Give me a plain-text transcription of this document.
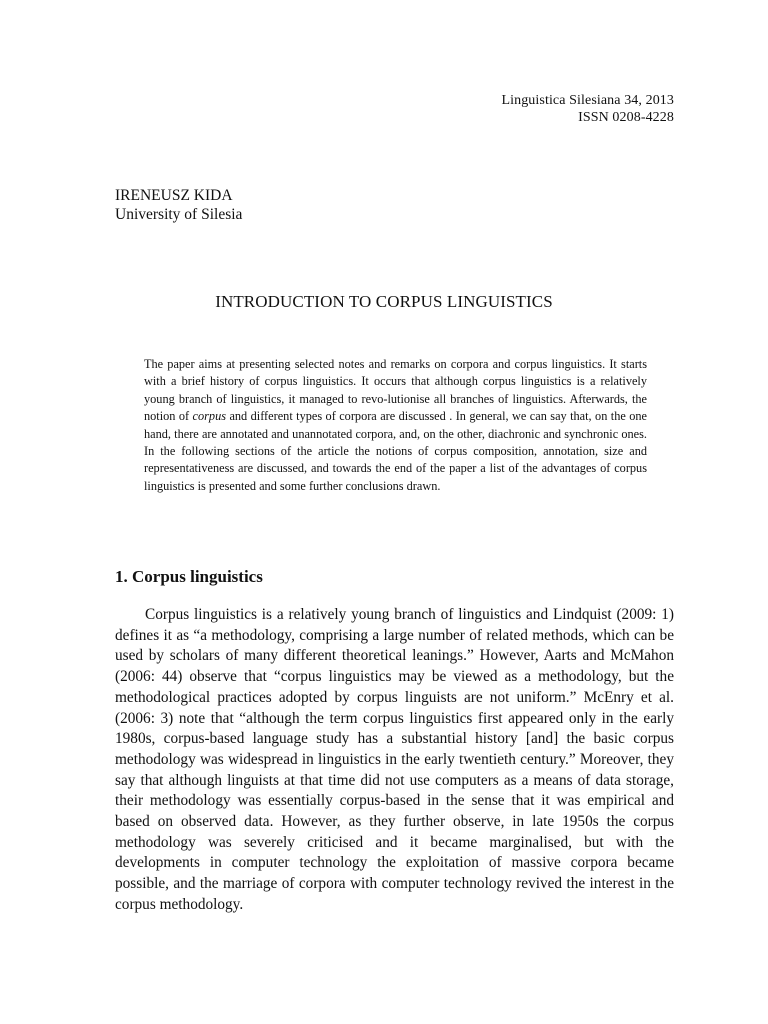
Linguistica Silesiana 34, 2013
ISSN 0208-4228
IRENEUSZ KIDA
University of Silesia
INTRODUCTION TO CORPUS LINGUISTICS

The paper aims at presenting selected notes and remarks on corpora and corpus linguistics. It starts with a brief history of corpus linguistics. It occurs that although corpus linguistics is a relatively young branch of linguistics, it managed to revo-lutionise all branches of linguistics. Afterwards, the notion of corpus and different types of corpora are discussed . In general, we can say that, on the one hand, there are annotated and unannotated corpora, and, on the other, diachronic and synchronic ones. In the following sections of the article the notions of corpus composition, annotation, size and representativeness are discussed, and towards the end of the paper a list of the advantages of corpus linguistics is presented and some further conclusions drawn.

1. Corpus linguistics

Corpus linguistics is a relatively young branch of linguistics and Lindquist (2009: 1) defines it as “a methodology, comprising a large number of related methods, which can be used by scholars of many different theoretical leanings.” However, Aarts and McMahon (2006: 44) observe that “corpus linguistics may be viewed as a methodology, but the methodological practices adopted by corpus linguists are not uniform.” McEnry et al. (2006: 3) note that “although the term corpus linguistics first appeared only in the early 1980s, corpus-based language study has a substantial history [and] the basic corpus methodology was widespread in linguistics in the early twentieth century.” Moreover, they say that although linguists at that time did not use computers as a means of data storage, their methodology was essentially corpus-based in the sense that it was empirical and based on observed data. However, as they further observe, in late 1950s the corpus methodology was severely criticised and it became marginalised, but with the developments in computer technology the exploitation of massive corpora became possible, and the marriage of corpora with computer technology revived the interest in the corpus methodology.
